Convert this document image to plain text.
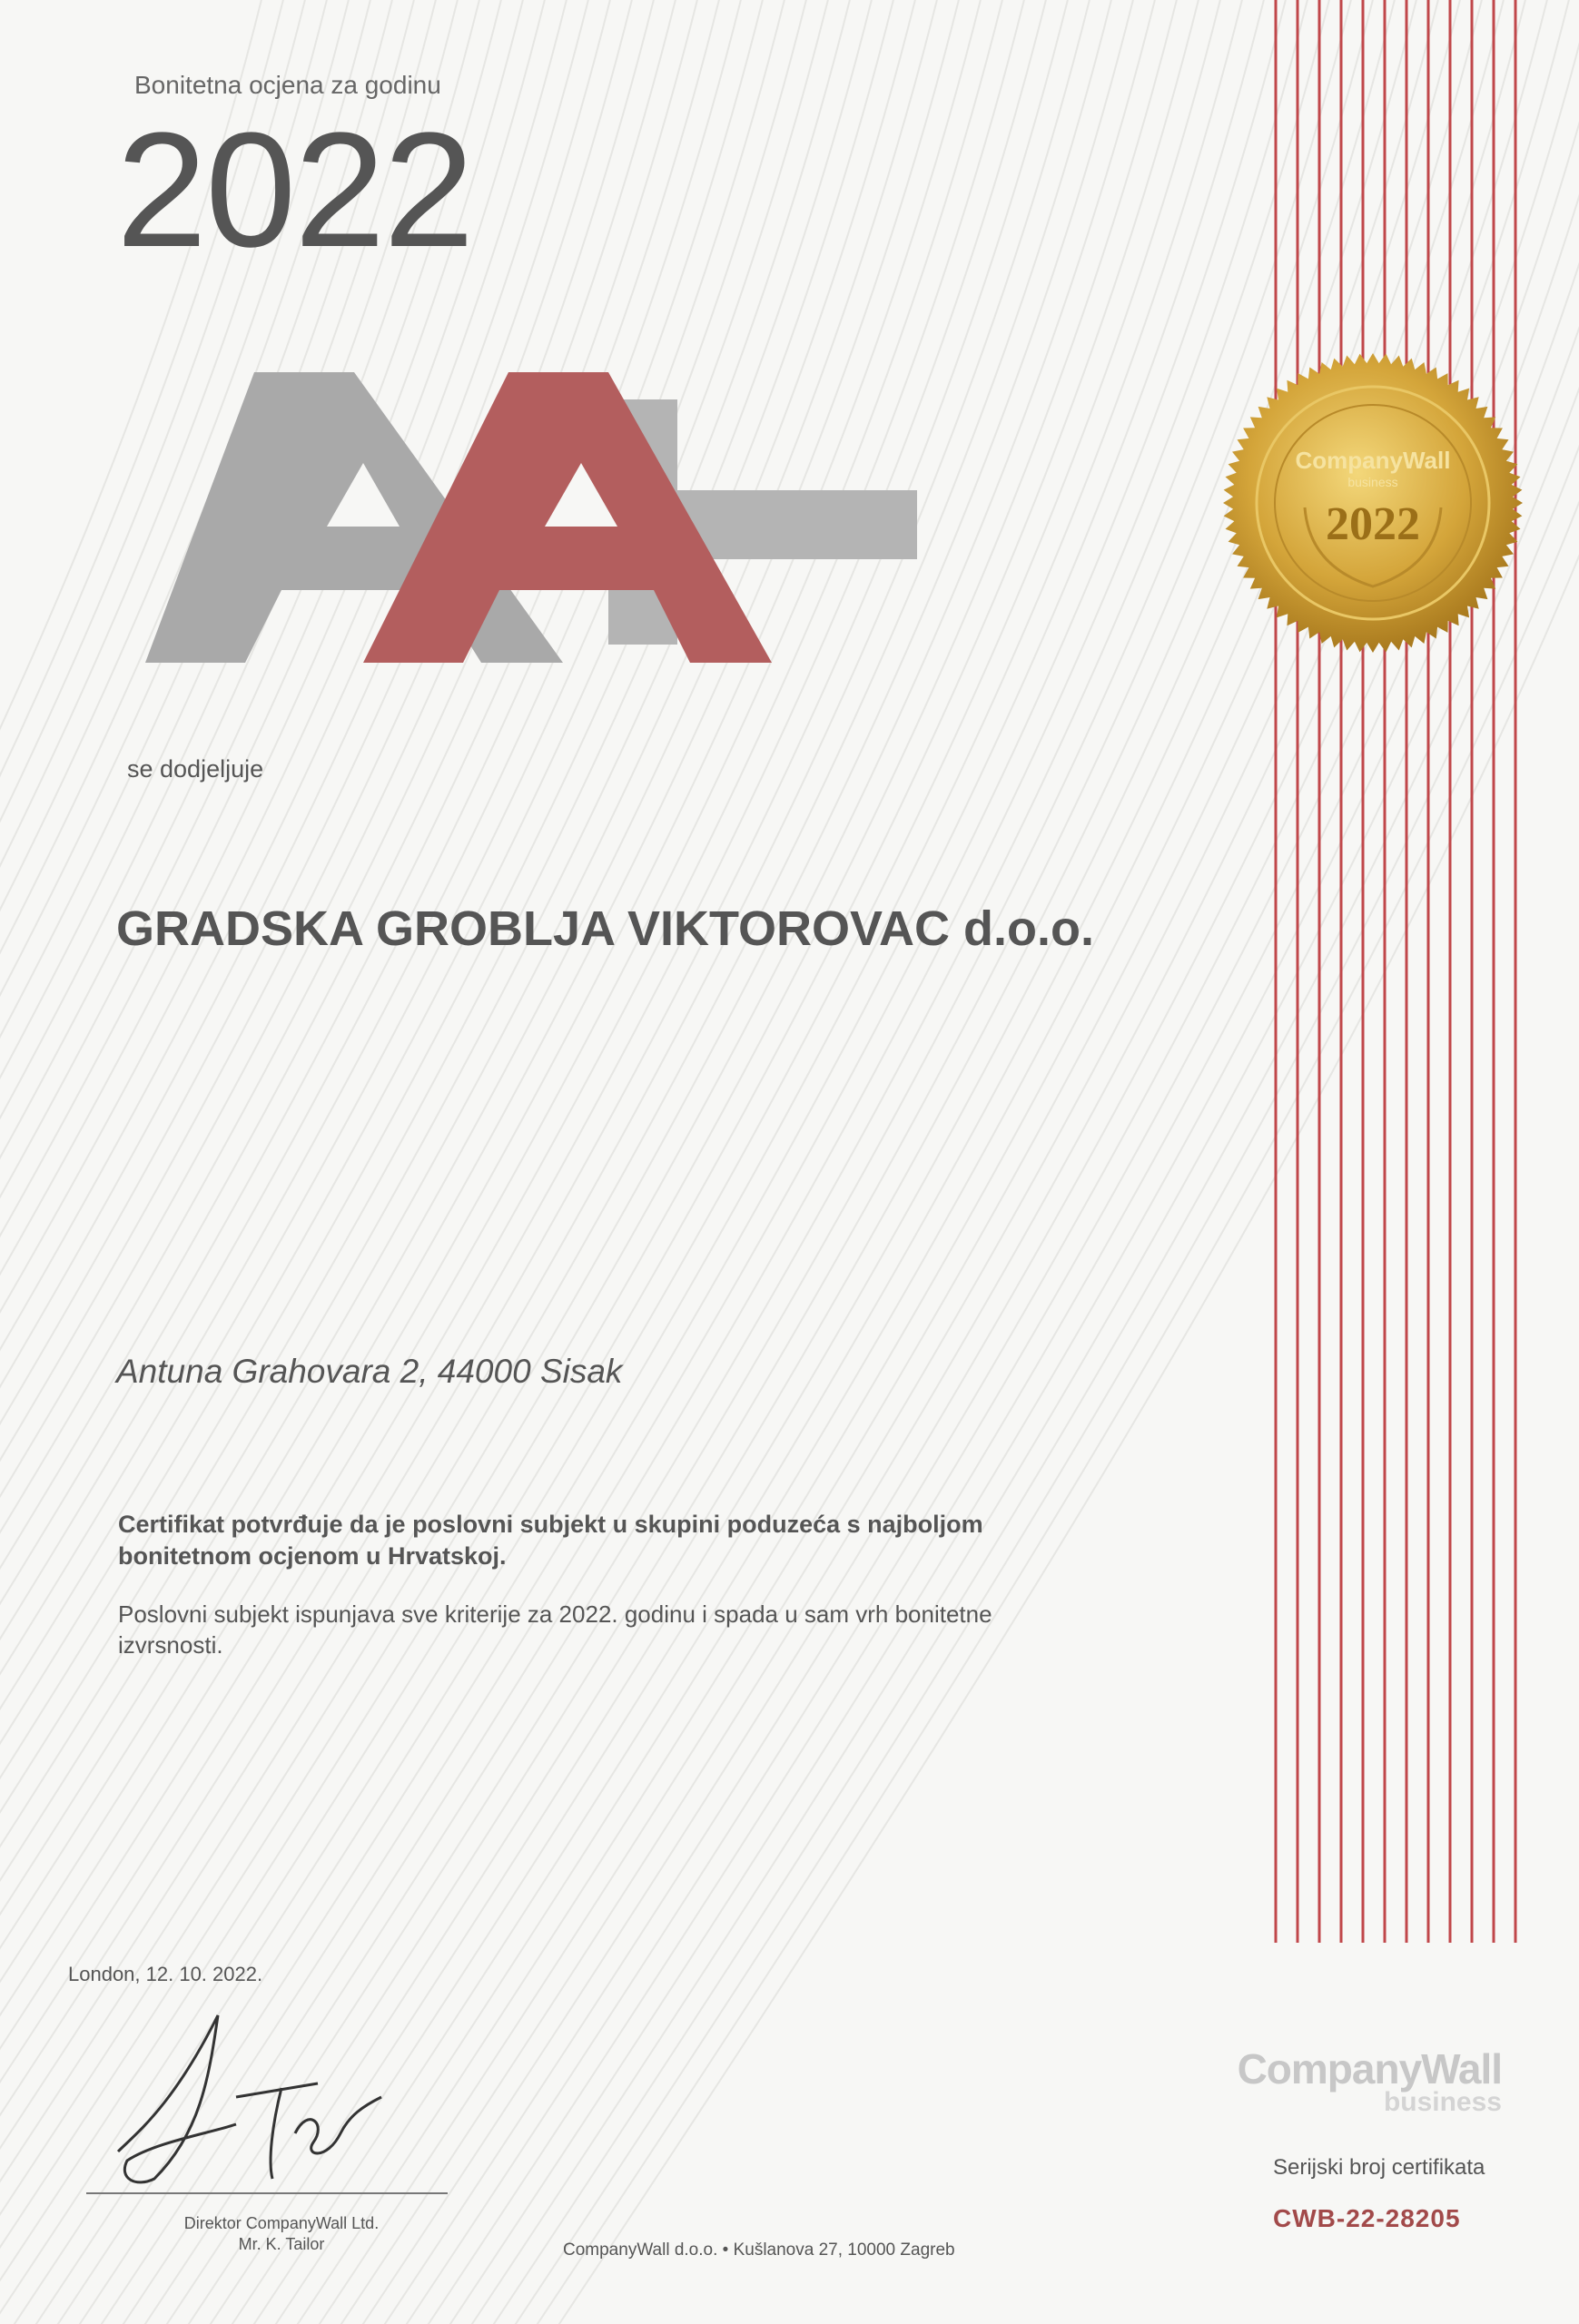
Bonitetna ocjena za godinu
2022
AA+
se dodjeljuje
GRADSKA GROBLJA VIKTOROVAC d.o.o.
Antuna Grahovara 2, 44000 Sisak
Certifikat potvrđuje da je poslovni subjekt u skupini poduzeća s najboljom bonitetnom ocjenom u Hrvatskoj.
Poslovni subjekt ispunjava sve kriterije za 2022. godinu i spada u sam vrh bonitetne izvrsnosti.
CompanyWall
business
2022
London, 12. 10. 2022.
Direktor CompanyWall Ltd.
Mr. K. Tailor	CompanyWall d.o.o. • Kušlanova 27, 10000 Zagreb
CompanyWall
business
Serijski broj certifikata
CWB-22-28205
